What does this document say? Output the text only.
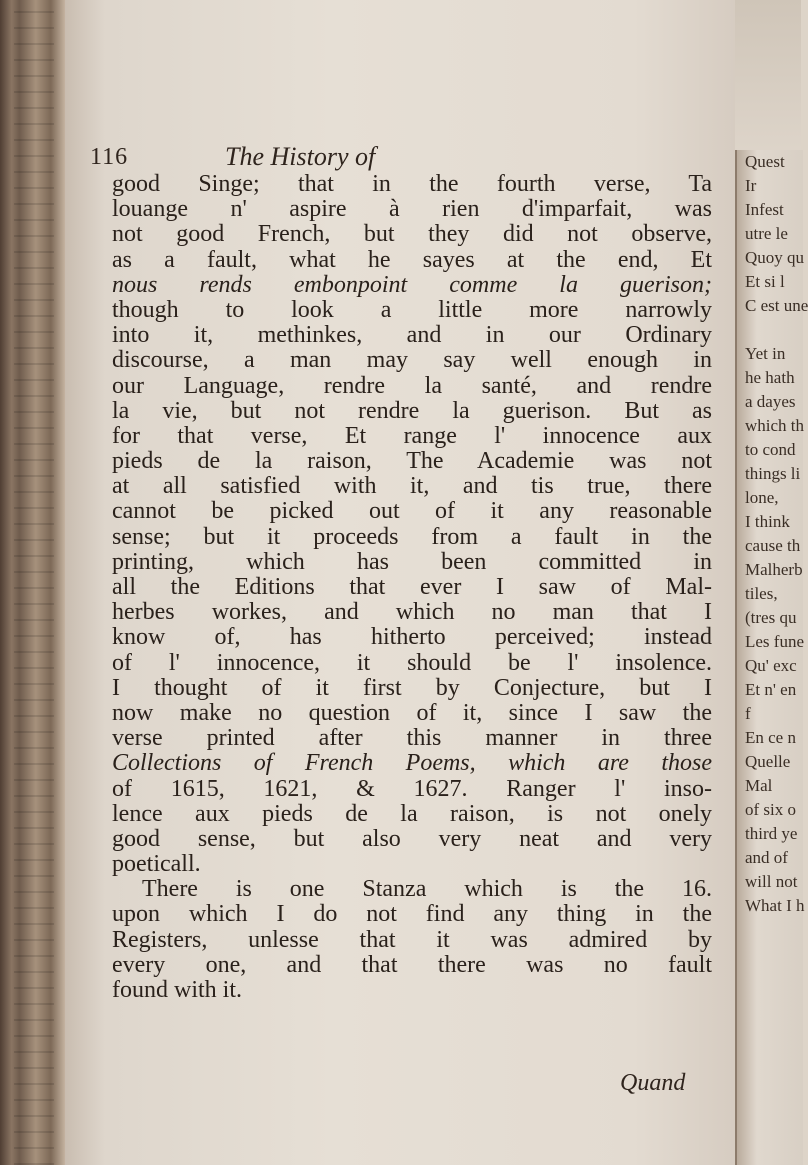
116	The History of
good Singe; that in the fourth verse, Ta
louange n' aspire à rien d'imparfait, was
not good French, but they did not observe,
as a fault, what he sayes at the end, Et
nous rends embonpoint comme la guerison;
though to look a little more narrowly
into it, methinkes, and in our Ordinary
discourse, a man may say well enough in
our Language, rendre la santé, and rendre
la vie, but not rendre la guerison. But as
for that verse, Et range l' innocence aux
pieds de la raison, The Academie was not
at all satisfied with it, and tis true, there
cannot be picked out of it any reasonable
sense; but it proceeds from a fault in the
printing, which has been committed in
all the Editions that ever I saw of Mal-
herbes workes, and which no man that I
know of, has hitherto perceived; instead
of l' innocence, it should be l' insolence.
I thought of it first by Conjecture, but I
now make no question of it, since I saw the
verse printed after this manner in three
Collections of French Poems, which are those
of 1615, 1621, & 1627. Ranger l' inso-
lence aux pieds de la raison, is not onely
good sense, but also very neat and very
poeticall.
There is one Stanza which is the 16.
upon which I do not find any thing in the
Registers, unlesse that it was admired by
every one, and that there was no fault
found with it.
Quand
Quest
Ir
Infest
utre le
Quoy qu
Et si l
C est une
Yet in
he hath
a dayes
which th
to cond
things li
lone,
I think
cause th
Malherb
tiles,
(tres qu
Les fune
Qu' exc
Et n' en
f
En ce n
Quelle
Mal
of six o
third ye
and of
will not
What I h
